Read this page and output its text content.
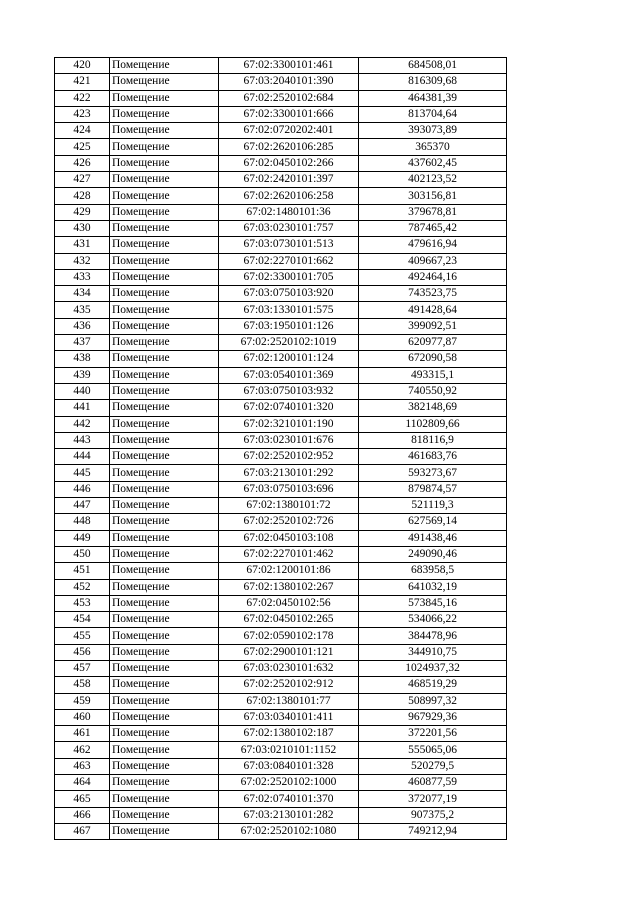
420	Помещение	67:02:3300101:461	684508,01
421	Помещение	67:03:2040101:390	816309,68
422	Помещение	67:02:2520102:684	464381,39
423	Помещение	67:02:3300101:666	813704,64
424	Помещение	67:02:0720202:401	393073,89
425	Помещение	67:02:2620106:285	365370
426	Помещение	67:02:0450102:266	437602,45
427	Помещение	67:02:2420101:397	402123,52
428	Помещение	67:02:2620106:258	303156,81
429	Помещение	67:02:1480101:36	379678,81
430	Помещение	67:03:0230101:757	787465,42
431	Помещение	67:03:0730101:513	479616,94
432	Помещение	67:02:2270101:662	409667,23
433	Помещение	67:02:3300101:705	492464,16
434	Помещение	67:03:0750103:920	743523,75
435	Помещение	67:03:1330101:575	491428,64
436	Помещение	67:03:1950101:126	399092,51
437	Помещение	67:02:2520102:1019	620977,87
438	Помещение	67:02:1200101:124	672090,58
439	Помещение	67:03:0540101:369	493315,1
440	Помещение	67:03:0750103:932	740550,92
441	Помещение	67:02:0740101:320	382148,69
442	Помещение	67:02:3210101:190	1102809,66
443	Помещение	67:03:0230101:676	818116,9
444	Помещение	67:02:2520102:952	461683,76
445	Помещение	67:03:2130101:292	593273,67
446	Помещение	67:03:0750103:696	879874,57
447	Помещение	67:02:1380101:72	521119,3
448	Помещение	67:02:2520102:726	627569,14
449	Помещение	67:02:0450103:108	491438,46
450	Помещение	67:02:2270101:462	249090,46
451	Помещение	67:02:1200101:86	683958,5
452	Помещение	67:02:1380102:267	641032,19
453	Помещение	67:02:0450102:56	573845,16
454	Помещение	67:02:0450102:265	534066,22
455	Помещение	67:02:0590102:178	384478,96
456	Помещение	67:02:2900101:121	344910,75
457	Помещение	67:03:0230101:632	1024937,32
458	Помещение	67:02:2520102:912	468519,29
459	Помещение	67:02:1380101:77	508997,32
460	Помещение	67:03:0340101:411	967929,36
461	Помещение	67:02:1380102:187	372201,56
462	Помещение	67:03:0210101:1152	555065,06
463	Помещение	67:03:0840101:328	520279,5
464	Помещение	67:02:2520102:1000	460877,59
465	Помещение	67:02:0740101:370	372077,19
466	Помещение	67:03:2130101:282	907375,2
467	Помещение	67:02:2520102:1080	749212,94
